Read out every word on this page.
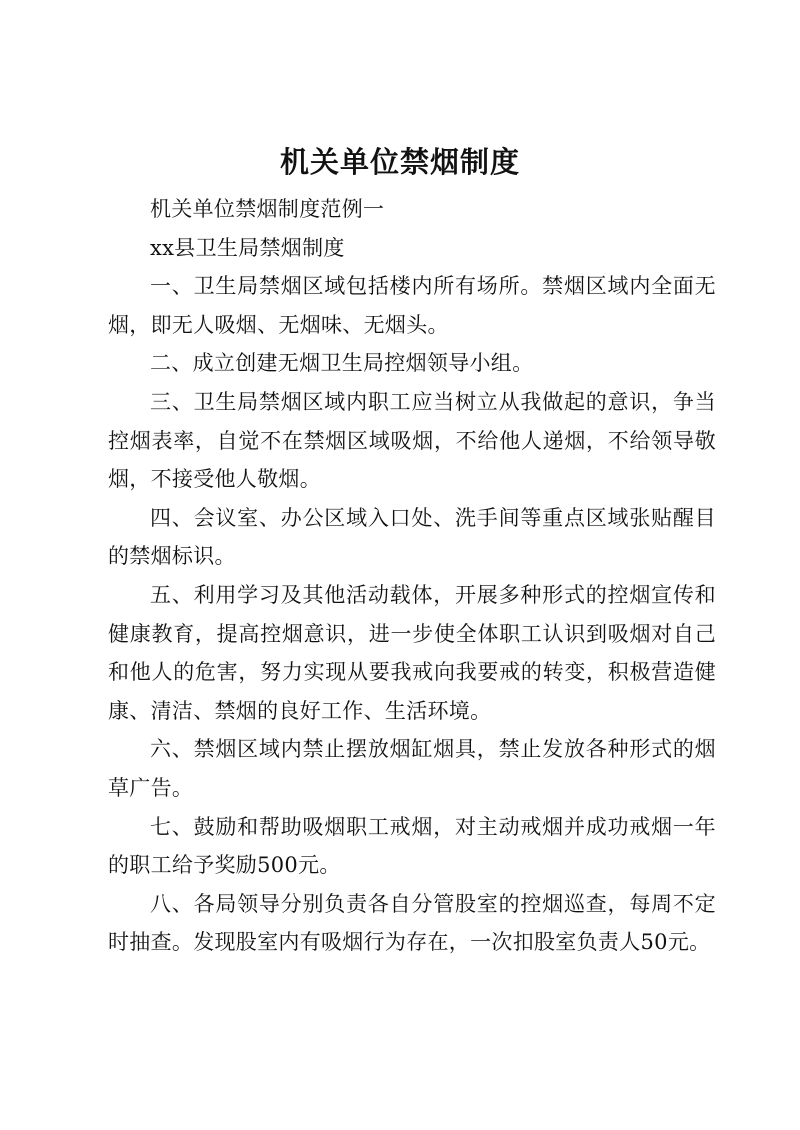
机关单位禁烟制度

机关单位禁烟制度范例一

xx县卫生局禁烟制度

一、卫生局禁烟区域包括楼内所有场所。禁烟区域内全面无烟，即无人吸烟、无烟味、无烟头。

二、成立创建无烟卫生局控烟领导小组。

三、卫生局禁烟区域内职工应当树立从我做起的意识，争当控烟表率，自觉不在禁烟区域吸烟，不给他人递烟，不给领导敬烟，不接受他人敬烟。

四、会议室、办公区域入口处、洗手间等重点区域张贴醒目的禁烟标识。

五、利用学习及其他活动载体，开展多种形式的控烟宣传和健康教育，提高控烟意识，进一步使全体职工认识到吸烟对自己和他人的危害，努力实现从要我戒向我要戒的转变，积极营造健康、清洁、禁烟的良好工作、生活环境。

六、禁烟区域内禁止摆放烟缸烟具，禁止发放各种形式的烟草广告。

七、鼓励和帮助吸烟职工戒烟，对主动戒烟并成功戒烟一年的职工给予奖励500元。

八、各局领导分别负责各自分管股室的控烟巡查，每周不定时抽查。发现股室内有吸烟行为存在，一次扣股室负责人50元。
